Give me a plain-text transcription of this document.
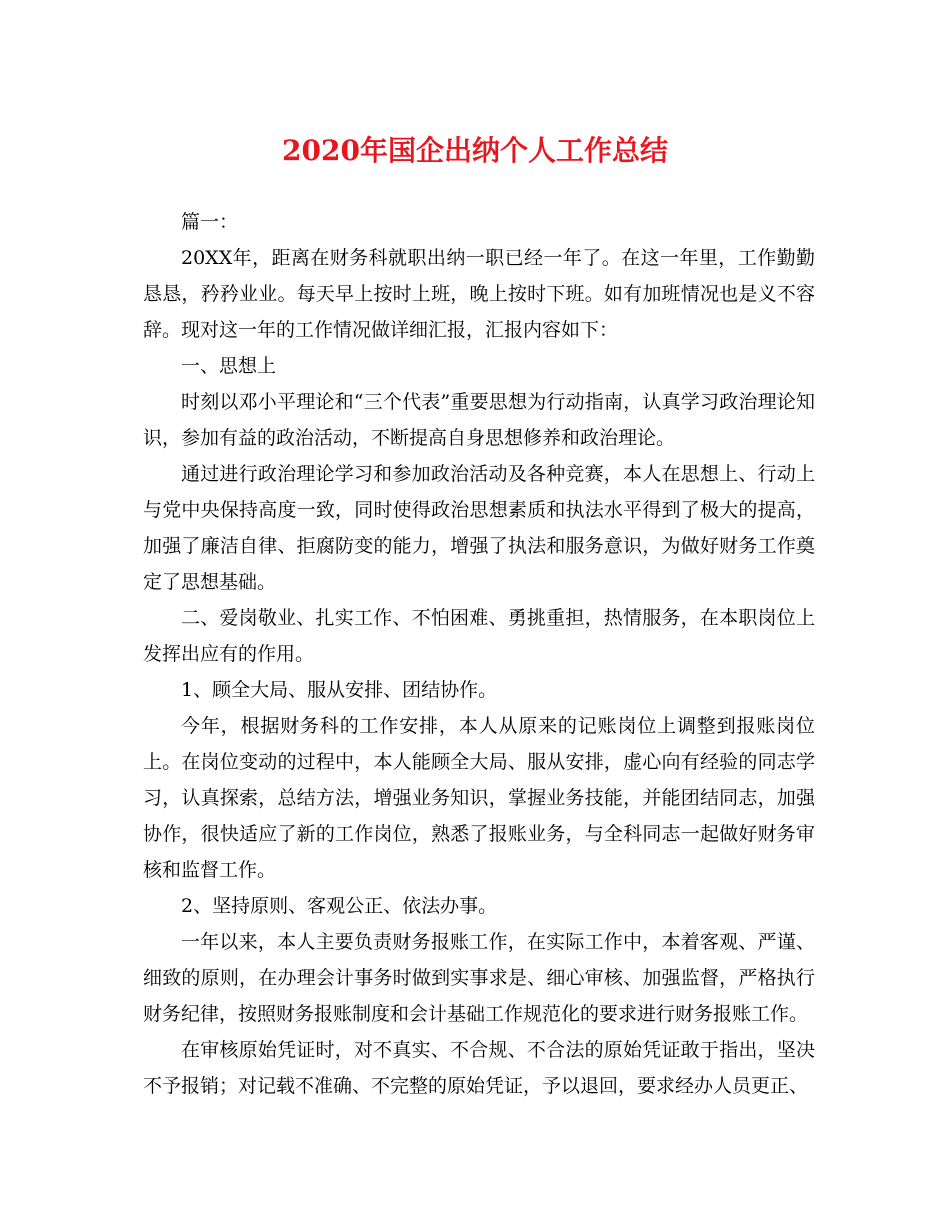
2020年国企出纳个人工作总结

篇一：

20XX年，距离在财务科就职出纳一职已经一年了。在这一年里，工作勤勤恳恳，矜矜业业。每天早上按时上班，晚上按时下班。如有加班情况也是义不容辞。现对这一年的工作情况做详细汇报，汇报内容如下：

一、思想上

时刻以邓小平理论和“三个代表”重要思想为行动指南，认真学习政治理论知识，参加有益的政治活动，不断提高自身思想修养和政治理论。

通过进行政治理论学习和参加政治活动及各种竞赛，本人在思想上、行动上与党中央保持高度一致，同时使得政治思想素质和执法水平得到了极大的提高，加强了廉洁自律、拒腐防变的能力，增强了执法和服务意识，为做好财务工作奠定了思想基础。

二、爱岗敬业、扎实工作、不怕困难、勇挑重担，热情服务，在本职岗位上发挥出应有的作用。

1、顾全大局、服从安排、团结协作。

今年，根据财务科的工作安排，本人从原来的记账岗位上调整到报账岗位上。在岗位变动的过程中，本人能顾全大局、服从安排，虚心向有经验的同志学习，认真探索，总结方法，增强业务知识，掌握业务技能，并能团结同志，加强协作，很快适应了新的工作岗位，熟悉了报账业务，与全科同志一起做好财务审核和监督工作。

2、坚持原则、客观公正、依法办事。

一年以来，本人主要负责财务报账工作，在实际工作中，本着客观、严谨、细致的原则，在办理会计事务时做到实事求是、细心审核、加强监督，严格执行财务纪律，按照财务报账制度和会计基础工作规范化的要求进行财务报账工作。

在审核原始凭证时，对不真实、不合规、不合法的原始凭证敢于指出，坚决不予报销；对记载不准确、不完整的原始凭证，予以退回，要求经办人员更正、
